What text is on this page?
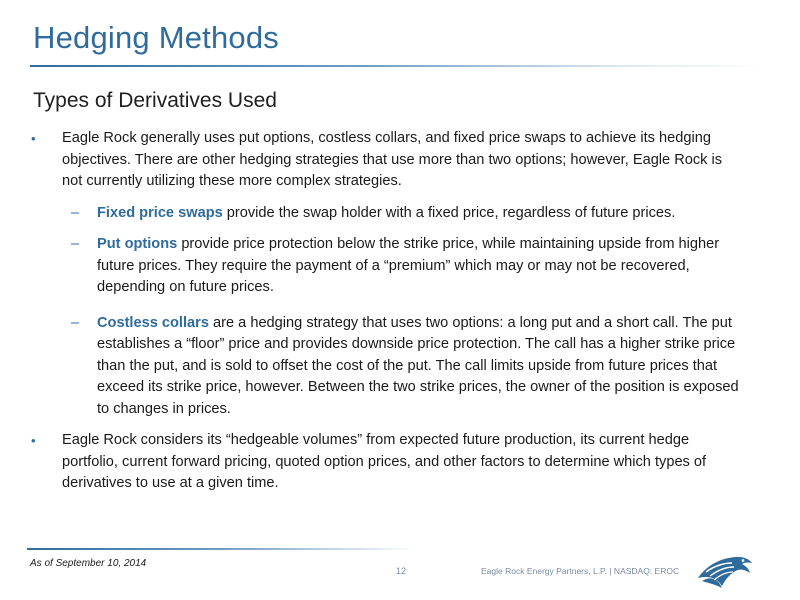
Hedging Methods
Types of Derivatives Used
• Eagle Rock generally uses put options, costless collars, and fixed price swaps to achieve its hedging objectives. There are other hedging strategies that use more than two options; however, Eagle Rock is not currently utilizing these more complex strategies.
– Fixed price swaps provide the swap holder with a fixed price, regardless of future prices.
– Put options provide price protection below the strike price, while maintaining upside from higher future prices. They require the payment of a “premium” which may or may not be recovered, depending on future prices.
– Costless collars are a hedging strategy that uses two options: a long put and a short call. The put establishes a “floor” price and provides downside price protection. The call has a higher strike price than the put, and is sold to offset the cost of the put. The call limits upside from future prices that exceed its strike price, however. Between the two strike prices, the owner of the position is exposed to changes in prices.
• Eagle Rock considers its “hedgeable volumes” from expected future production, its current hedge portfolio, current forward pricing, quoted option prices, and other factors to determine which types of derivatives to use at a given time.
As of September 10, 2014
12	Eagle Rock Energy Partners, L.P. | NASDAQ: EROC
